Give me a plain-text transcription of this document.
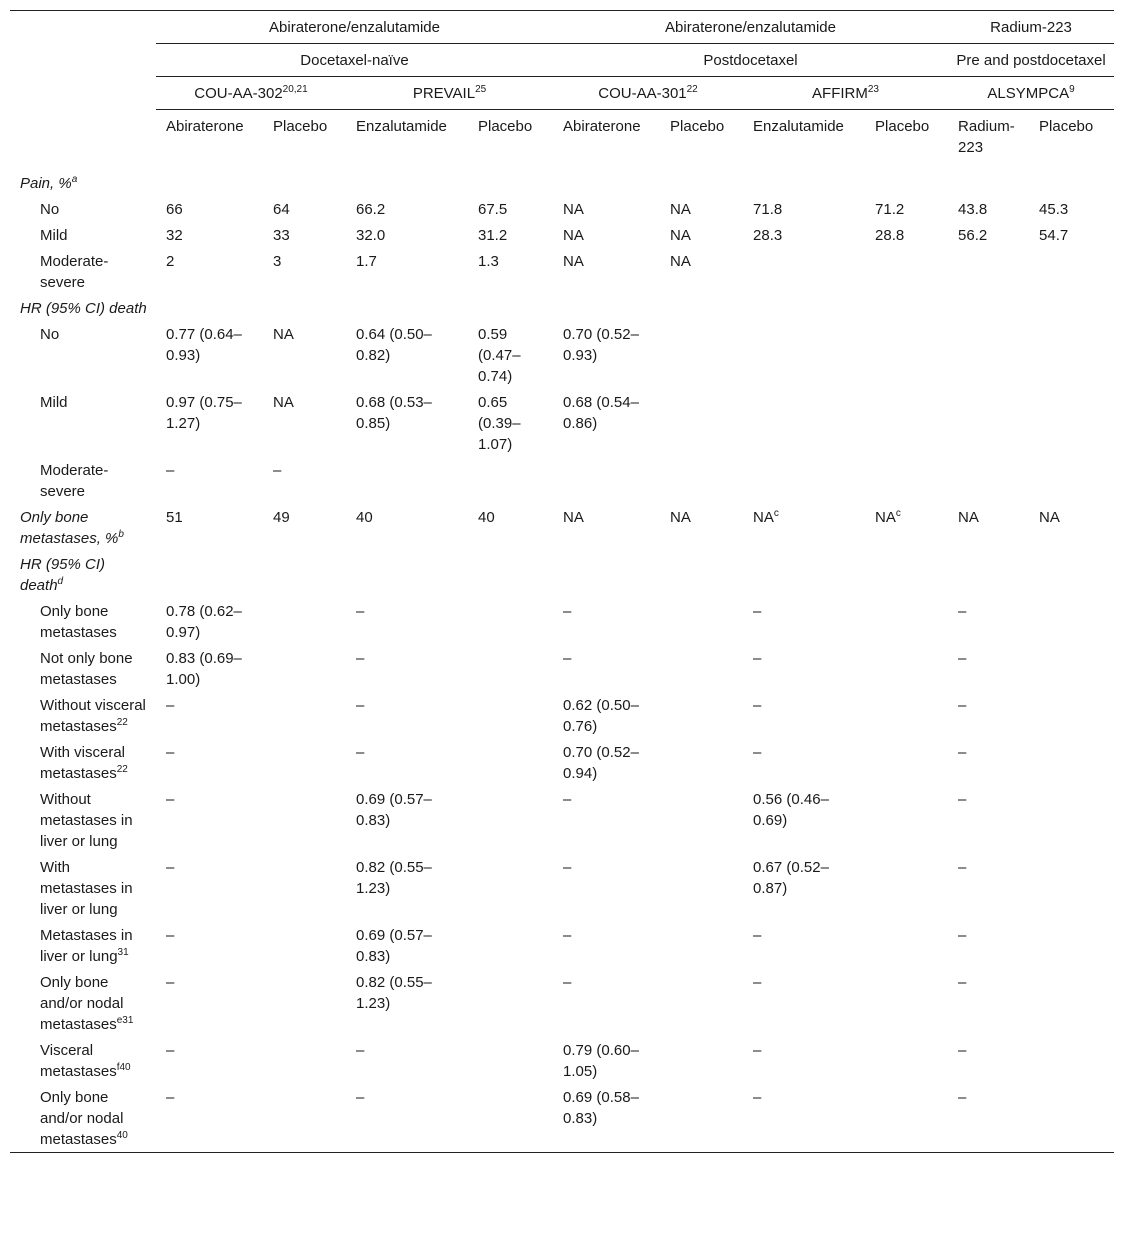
	Abiraterone/enzalutamide				Abiraterone/enzalutamide				Radium-223	
	Docetaxel-naïve				Postdocetaxel				Pre and postdocetaxel	
	COU-AA-302$^{20,21}$		PREVAIL$^{25}$		COU-$AA-301^{22}$		AFFIRM$^{23}$		ALSYMPCA$^9$
	Abiraterone	Placebo	Enzalutamide	Placebo	Abiraterone	Placebo	Enzalutamide	Placebo	Radium-223	Placebo
Pain, %$^a$										
No	66	64	66.2	67.5	NA	NA	71.8	71.2	43.8	45.3
Mild	32	33	32.0	31.2	NA	NA	28.3	28.8	56.2	54.7
Moderate-severe	2	3	1.7	1.3	NA	NA				
HR (95% CI) death										
No	0.77 (0.64–0.93)	NA	0.64 (0.50–0.82)	0.59 (0.47–0.74)	0.70 (0.52–0.93)					
Mild	0.97 (0.75–1.27)	NA	0.68 (0.53–0.85)	0.65 (0.39–1.07)	0.68 (0.54–0.86)					
Moderate-severe	–	–								
Only bone metastases, %$^b$	51	49	40	40	NA	NA	$NA^c$	$NA^c$	NA	NA
HR (95% CI) death$^d$										
Only bone metastases	0.78 (0.62–0.97)		–		–		–		–	
Not only bone metastases	0.83 (0.69–1.00)		–		–		–		–	
Without visceral metastases$^{22}$	–		–		0.62 (0.50–0.76)		–		–	
With visceral metastases$^{22}$	–		–		0.70 (0.52–0.94)		–		–	
Without metastases in liver or lung	–		0.69 (0.57–0.83)		–		0.56 (0.46–0.69)		–	
With metastases in liver or lung	–		0.82 (0.55–1.23)		–		0.67 (0.52–0.87)		–	
Metastases in liver or lung$^{31}$	–		0.69 (0.57–0.83)		–		–		–	
Only bone and/or nodal metastases$^{e31}$	–		0.82 (0.55–1.23)		–		–		–	
Visceral metastases$^{f40}$	–		–		0.79 (0.60–1.05)		–		–	
Only bone and/or nodal metastases$^{40}$	–		–		0.69 (0.58–0.83)		–		–	
